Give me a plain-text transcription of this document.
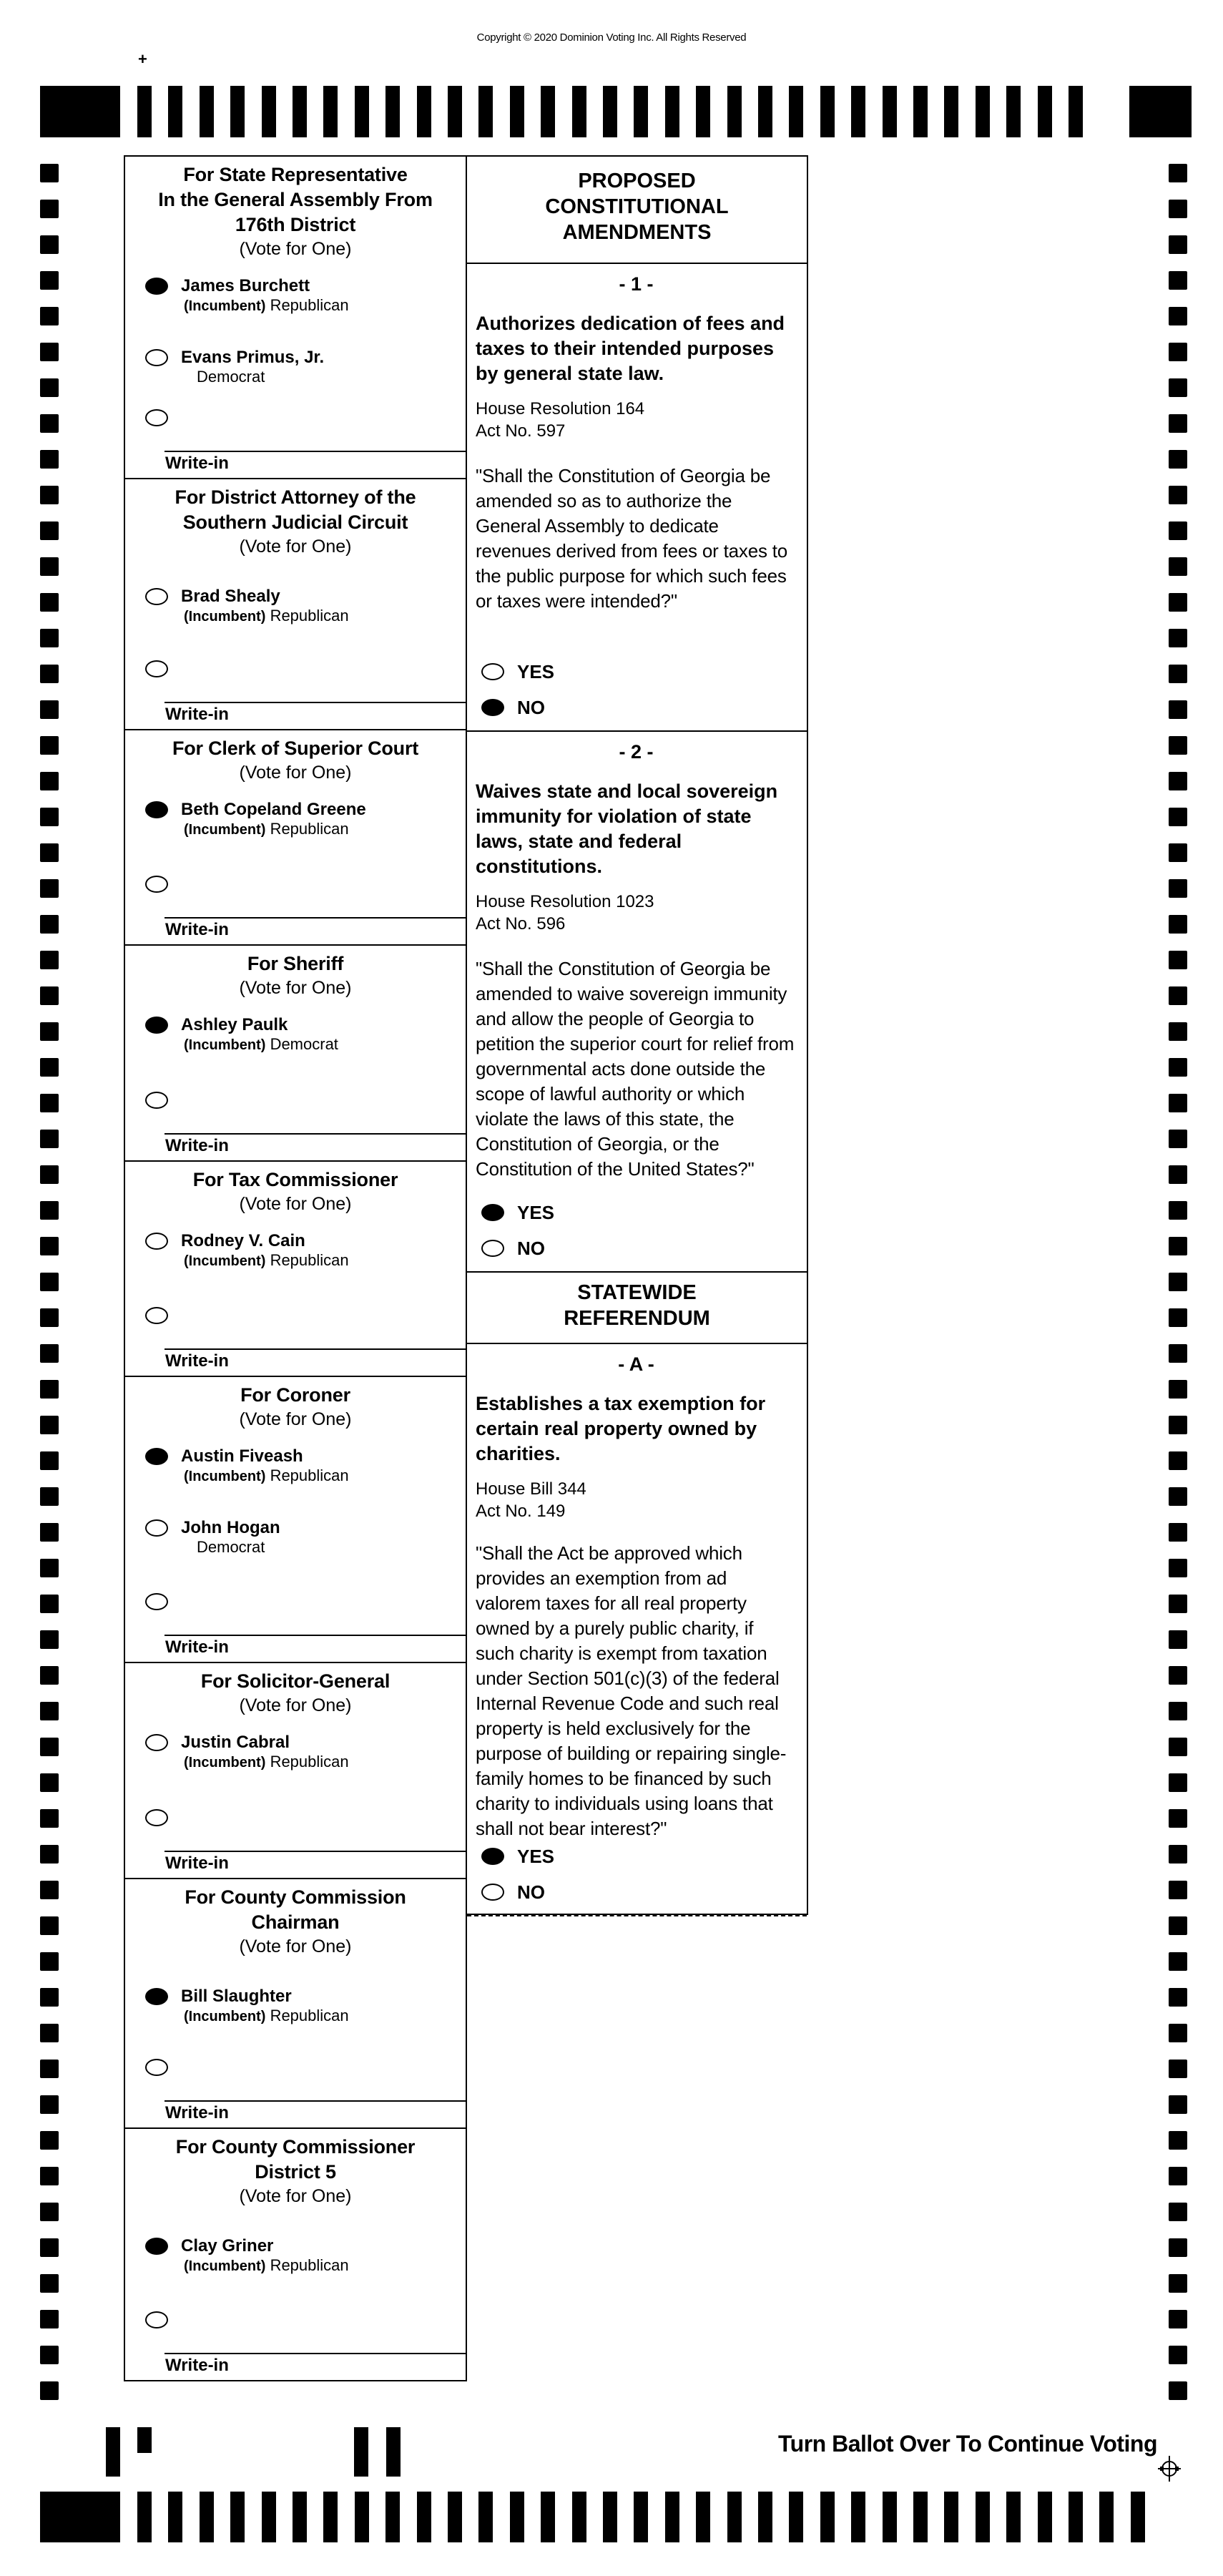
Copyright © 2020 Dominion Voting Inc. All Rights Reserved
+
For State Representative
In the General Assembly From
176th District
(Vote for One)
James Burchett
(Incumbent) Republican
Evans Primus, Jr.
Democrat
Write-in
For District Attorney of the
Southern Judicial Circuit
(Vote for One)
Brad Shealy
(Incumbent) Republican
Write-in
For Clerk of Superior Court
(Vote for One)
Beth Copeland Greene
(Incumbent) Republican
Write-in
For Sheriff
(Vote for One)
Ashley Paulk
(Incumbent) Democrat
Write-in
For Tax Commissioner
(Vote for One)
Rodney V. Cain
(Incumbent) Republican
Write-in
For Coroner
(Vote for One)
Austin Fiveash
(Incumbent) Republican
John Hogan
Democrat
Write-in
For Solicitor-General
(Vote for One)
Justin Cabral
(Incumbent) Republican
Write-in
For County Commission
Chairman
(Vote for One)
Bill Slaughter
(Incumbent) Republican
Write-in
For County Commissioner
District 5
(Vote for One)
Clay Griner
(Incumbent) Republican
Write-in
PROPOSED
CONSTITUTIONAL
AMENDMENTS
STATEWIDE
REFERENDUM
- 1 -
Authorizes dedication of fees and taxes to their intended purposes by general state law.
House Resolution 164
Act No. 597
"Shall the Constitution of Georgia be amended so as to authorize the General Assembly to dedicate revenues derived from fees or taxes to the public purpose for which such fees or taxes were intended?"
YES
NO
- 2 -
Waives state and local sovereign immunity for violation of state laws, state and federal constitutions.
House Resolution 1023
Act No. 596
"Shall the Constitution of Georgia be amended to waive sovereign immunity and allow the people of Georgia to petition the superior court for relief from governmental acts done outside the scope of lawful authority or which violate the laws of this state, the Constitution of Georgia, or the Constitution of the United States?"
YES
NO
- A -
Establishes a tax exemption for certain real property owned by charities.
House Bill 344
Act No. 149
"Shall the Act be approved which provides an exemption from ad valorem taxes for all real property owned by a purely public charity, if such charity is exempt from taxation under Section 501(c)(3) of the federal Internal Revenue Code and such real property is held exclusively for the purpose of building or repairing single-family homes to be financed by such charity to individuals using loans that shall not bear interest?"
YES
NO
Turn Ballot Over To Continue Voting
